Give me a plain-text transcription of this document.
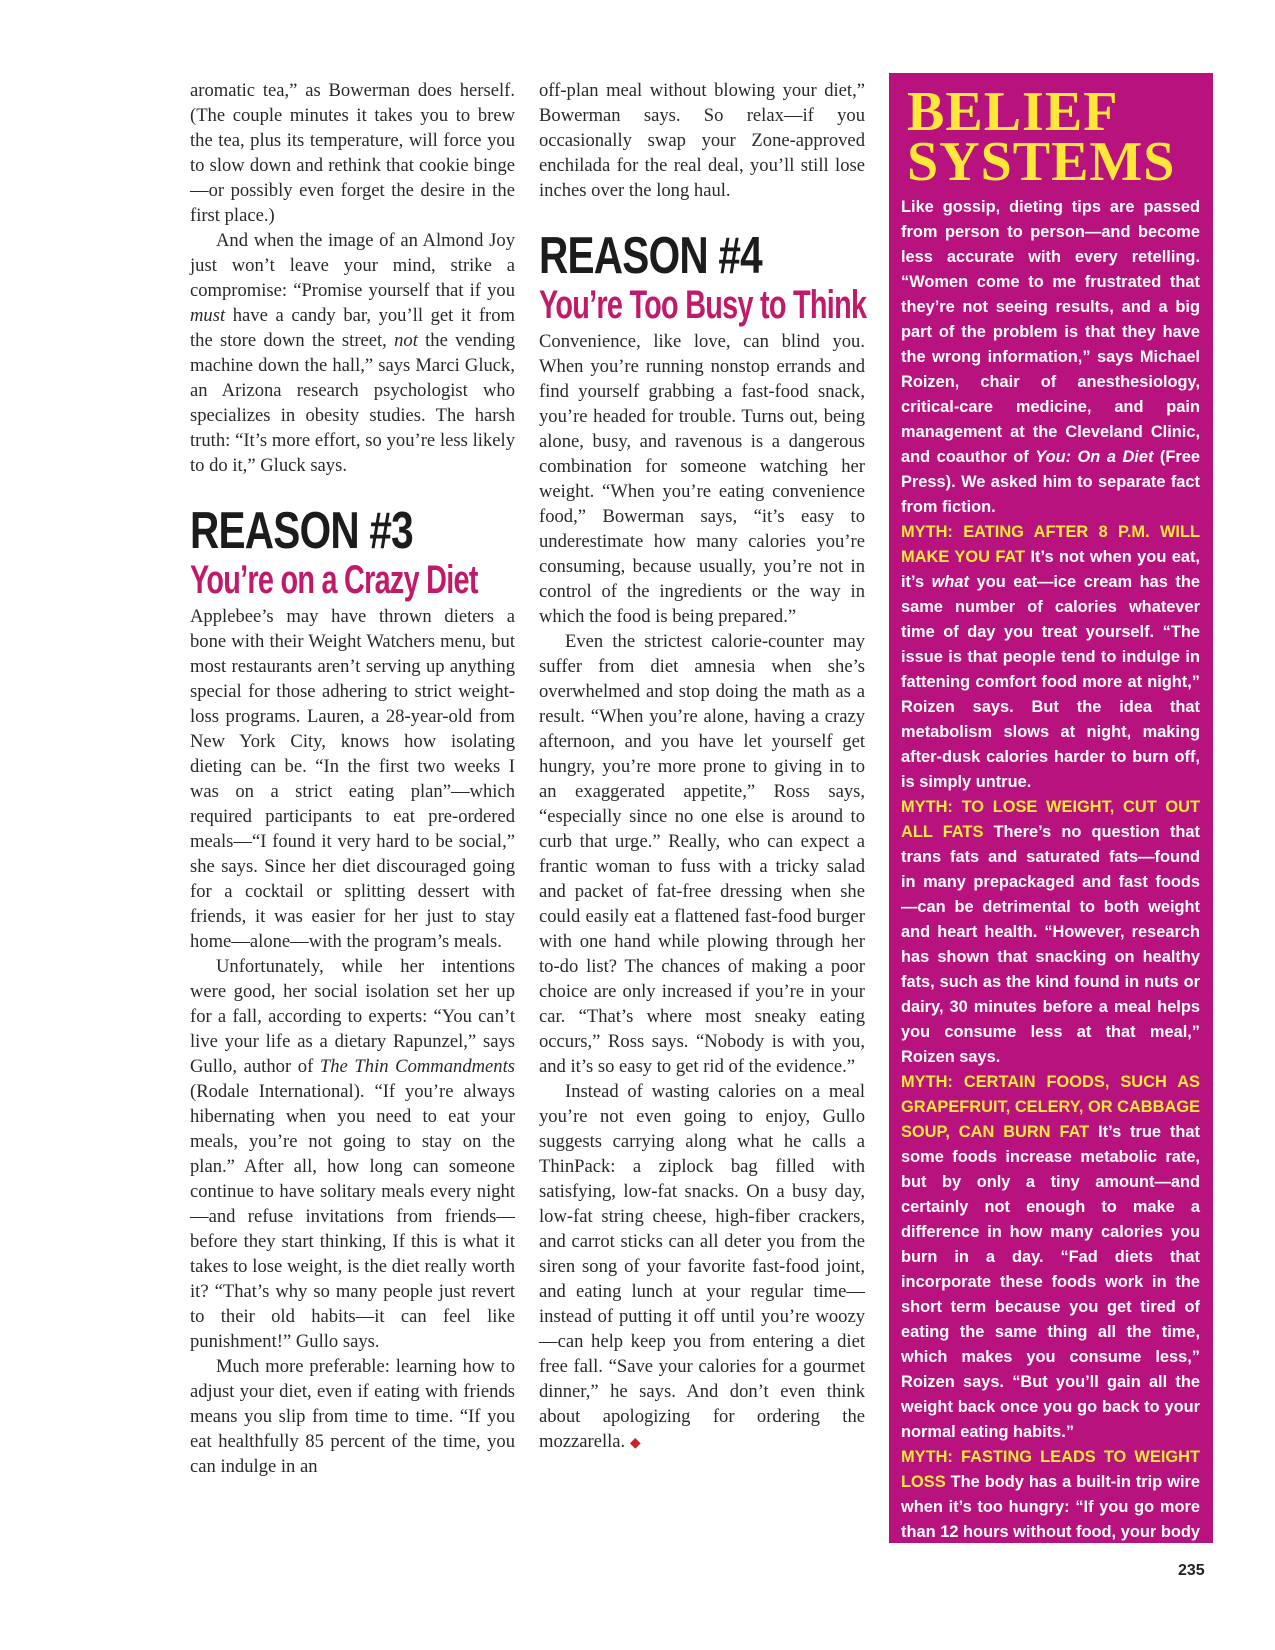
aromatic tea,” as Bowerman does herself. (The couple minutes it takes you to brew the tea, plus its temperature, will force you to slow down and rethink that cookie binge—or possibly even forget the desire in the first place.)

And when the image of an Almond Joy just won’t leave your mind, strike a compromise: “Promise yourself that if you must have a candy bar, you’ll get it from the store down the street, not the vending machine down the hall,” says Marci Gluck, an Arizona research psychologist who specializes in obesity studies. The harsh truth: “It’s more effort, so you’re less likely to do it,” Gluck says.

REASON #3
You’re on a Crazy Diet

Applebee’s may have thrown dieters a bone with their Weight Watchers menu, but most restaurants aren’t serving up anything special for those adhering to strict weight-loss programs. Lauren, a 28-year-old from New York City, knows how isolating dieting can be. “In the first two weeks I was on a strict eating plan”—which required participants to eat pre-ordered meals—“I found it very hard to be social,” she says. Since her diet discouraged going for a cocktail or splitting dessert with friends, it was easier for her just to stay home—alone—with the program’s meals.

Unfortunately, while her intentions were good, her social isolation set her up for a fall, according to experts: “You can’t live your life as a dietary Rapunzel,” says Gullo, author of The Thin Commandments (Rodale International). “If you’re always hibernating when you need to eat your meals, you’re not going to stay on the plan.” After all, how long can someone continue to have solitary meals every night—and refuse invitations from friends—before they start thinking, If this is what it takes to lose weight, is the diet really worth it? “That’s why so many people just revert to their old habits—it can feel like punishment!” Gullo says.

Much more preferable: learning how to adjust your diet, even if eating with friends means you slip from time to time. “If you eat healthfully 85 percent of the time, you can indulge in an

off-plan meal without blowing your diet,” Bowerman says. So relax—if you occasionally swap your Zone-approved enchilada for the real deal, you’ll still lose inches over the long haul.

REASON #4
You’re Too Busy to Think

Convenience, like love, can blind you. When you’re running nonstop errands and find yourself grabbing a fast-food snack, you’re headed for trouble. Turns out, being alone, busy, and ravenous is a dangerous combination for someone watching her weight. “When you’re eating convenience food,” Bowerman says, “it’s easy to underestimate how many calories you’re consuming, because usually, you’re not in control of the ingredients or the way in which the food is being prepared.”

Even the strictest calorie-counter may suffer from diet amnesia when she’s overwhelmed and stop doing the math as a result. “When you’re alone, having a crazy afternoon, and you have let yourself get hungry, you’re more prone to giving in to an exaggerated appetite,” Ross says, “especially since no one else is around to curb that urge.” Really, who can expect a frantic woman to fuss with a tricky salad and packet of fat-free dressing when she could easily eat a flattened fast-food burger with one hand while plowing through her to-do list? The chances of making a poor choice are only increased if you’re in your car. “That’s where most sneaky eating occurs,” Ross says. “Nobody is with you, and it’s so easy to get rid of the evidence.”

Instead of wasting calories on a meal you’re not even going to enjoy, Gullo suggests carrying along what he calls a ThinPack: a ziplock bag filled with satisfying, low-fat snacks. On a busy day, low-fat string cheese, high-fiber crackers, and carrot sticks can all deter you from the siren song of your favorite fast-food joint, and eating lunch at your regular time—instead of putting it off until you’re woozy—can help keep you from entering a diet free fall. “Save your calories for a gourmet dinner,” he says. And don’t even think about apologizing for ordering the mozzarella. ◆

BELIEF
SYSTEMS

Like gossip, dieting tips are passed from person to person—and become less accurate with every retelling. “Women come to me frustrated that they’re not seeing results, and a big part of the problem is that they have the wrong information,” says Michael Roizen, chair of anesthesiology, critical-care medicine, and pain management at the Cleveland Clinic, and coauthor of You: On a Diet (Free Press). We asked him to separate fact from fiction.

MYTH: EATING AFTER 8 P.M. WILL MAKE YOU FAT It’s not when you eat, it’s what you eat—ice cream has the same number of calories whatever time of day you treat yourself. “The issue is that people tend to indulge in fattening comfort food more at night,” Roizen says. But the idea that metabolism slows at night, making after-dusk calories harder to burn off, is simply untrue.

MYTH: TO LOSE WEIGHT, CUT OUT ALL FATS There’s no question that trans fats and saturated fats—found in many prepackaged and fast foods—can be detrimental to both weight and heart health. “However, research has shown that snacking on healthy fats, such as the kind found in nuts or dairy, 30 minutes before a meal helps you consume less at that meal,” Roizen says.

MYTH: CERTAIN FOODS, SUCH AS GRAPEFRUIT, CELERY, OR CABBAGE SOUP, CAN BURN FAT It’s true that some foods increase metabolic rate, but by only a tiny amount—and certainly not enough to make a difference in how many calories you burn in a day. “Fad diets that incorporate these foods work in the short term because you get tired of eating the same thing all the time, which makes you consume less,” Roizen says. “But you’ll gain all the weight back once you go back to your normal eating habits.”

MYTH: FASTING LEADS TO WEIGHT LOSS The body has a built-in trip wire when it’s too hungry: “If you go more than 12 hours without food, your body shifts to a lower metabolic rate,” Roizen says. “This just makes weight loss far more difficult.” —ELLEN MILLER

235
